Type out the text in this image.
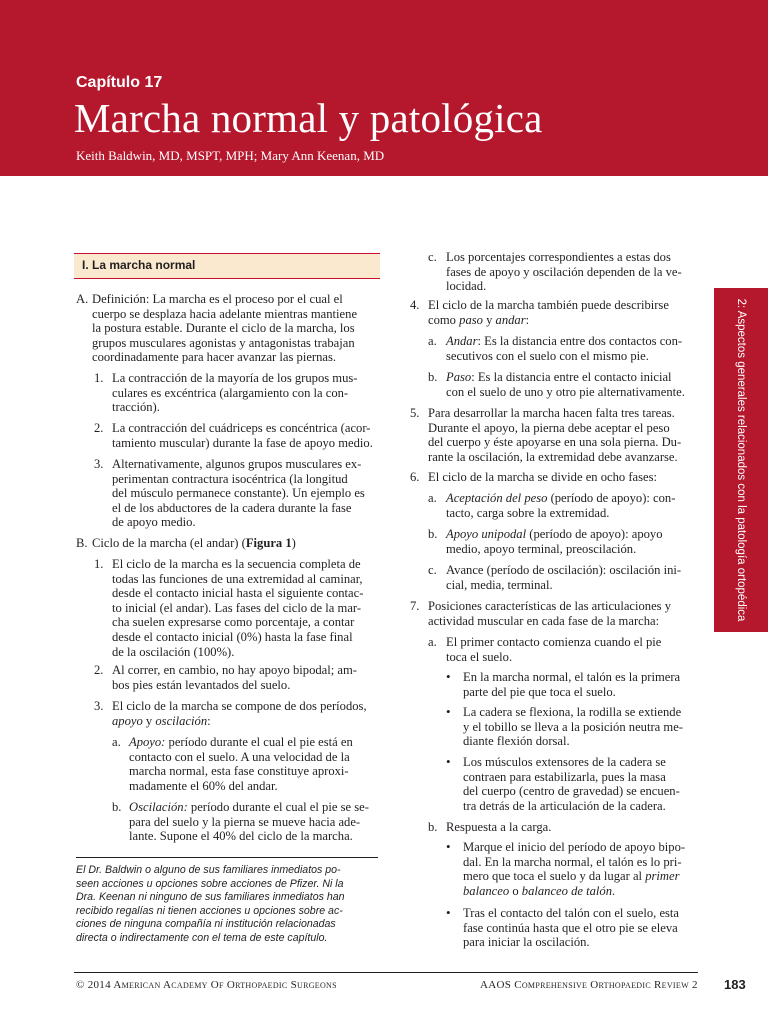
Capítulo 17
Marcha normal y patológica
Keith Baldwin, MD, MSPT, MPH; Mary Ann Keenan, MD
I. La marcha normal
2: Aspectos generales relacionados con la patología ortopédica
A. Definición: La marcha es el proceso por el cual el
cuerpo se desplaza hacia adelante mientras mantiene
la postura estable. Durante el ciclo de la marcha, los
grupos musculares agonistas y antagonistas trabajan
coordinadamente para hacer avanzar las piernas.
1. La contracción de la mayoría de los grupos mus-
culares es excéntrica (alargamiento con la con-
tracción).
2. La contracción del cuádriceps es concéntrica (acor-
tamiento muscular) durante la fase de apoyo medio.
3. Alternativamente, algunos grupos musculares ex-
perimentan contractura isocéntrica (la longitud
del músculo permanece constante). Un ejemplo es
el de los abductores de la cadera durante la fase
de apoyo medio.
B. Ciclo de la marcha (el andar) (Figura 1)
1. El ciclo de la marcha es la secuencia completa de
todas las funciones de una extremidad al caminar,
desde el contacto inicial hasta el siguiente contac-
to inicial (el andar). Las fases del ciclo de la mar-
cha suelen expresarse como porcentaje, a contar
desde el contacto inicial (0%) hasta la fase final
de la oscilación (100%).
2. Al correr, en cambio, no hay apoyo bipodal; am-
bos pies están levantados del suelo.
3. El ciclo de la marcha se compone de dos períodos,
apoyo y oscilación:
a. Apoyo: período durante el cual el pie está en
contacto con el suelo. A una velocidad de la
marcha normal, esta fase constituye aproxi-
madamente el 60% del andar.
b. Oscilación: período durante el cual el pie se se-
para del suelo y la pierna se mueve hacia ade-
lante. Supone el 40% del ciclo de la marcha.
El Dr. Baldwin o alguno de sus familiares inmediatos po-
seen acciones u opciones sobre acciones de Pfizer. Ni la
Dra. Keenan ni ninguno de sus familiares inmediatos han
recibido regalías ni tienen acciones u opciones sobre ac-
ciones de ninguna compañía ni institución relacionadas
directa o indirectamente con el tema de este capítulo.
c. Los porcentajes correspondientes a estas dos
fases de apoyo y oscilación dependen de la ve-
locidad.
4. El ciclo de la marcha también puede describirse
como paso y andar:
a. Andar: Es la distancia entre dos contactos con-
secutivos con el suelo con el mismo pie.
b. Paso: Es la distancia entre el contacto inicial
con el suelo de uno y otro pie alternativamente.
5. Para desarrollar la marcha hacen falta tres tareas.
Durante el apoyo, la pierna debe aceptar el peso
del cuerpo y éste apoyarse en una sola pierna. Du-
rante la oscilación, la extremidad debe avanzarse.
6. El ciclo de la marcha se divide en ocho fases:
a. Aceptación del peso (período de apoyo): con-
tacto, carga sobre la extremidad.
b. Apoyo unipodal (período de apoyo): apoyo
medio, apoyo terminal, preoscilación.
c. Avance (período de oscilación): oscilación ini-
cial, media, terminal.
7. Posiciones características de las articulaciones y
actividad muscular en cada fase de la marcha:
a. El primer contacto comienza cuando el pie
toca el suelo.
• En la marcha normal, el talón es la primera
parte del pie que toca el suelo.
• La cadera se flexiona, la rodilla se extiende
y el tobillo se lleva a la posición neutra me-
diante flexión dorsal.
• Los músculos extensores de la cadera se
contraen para estabilizarla, pues la masa
del cuerpo (centro de gravedad) se encuen-
tra detrás de la articulación de la cadera.
b. Respuesta a la carga.
• Marque el inicio del período de apoyo bipo-
dal. En la marcha normal, el talón es lo pri-
mero que toca el suelo y da lugar al primer
balanceo o balanceo de talón.
• Tras el contacto del talón con el suelo, esta
fase continúa hasta que el otro pie se eleva
para iniciar la oscilación.
© 2014 American Academy Of Orthopaedic Surgeons	AAOS Comprehensive Orthopaedic Review 2 183
